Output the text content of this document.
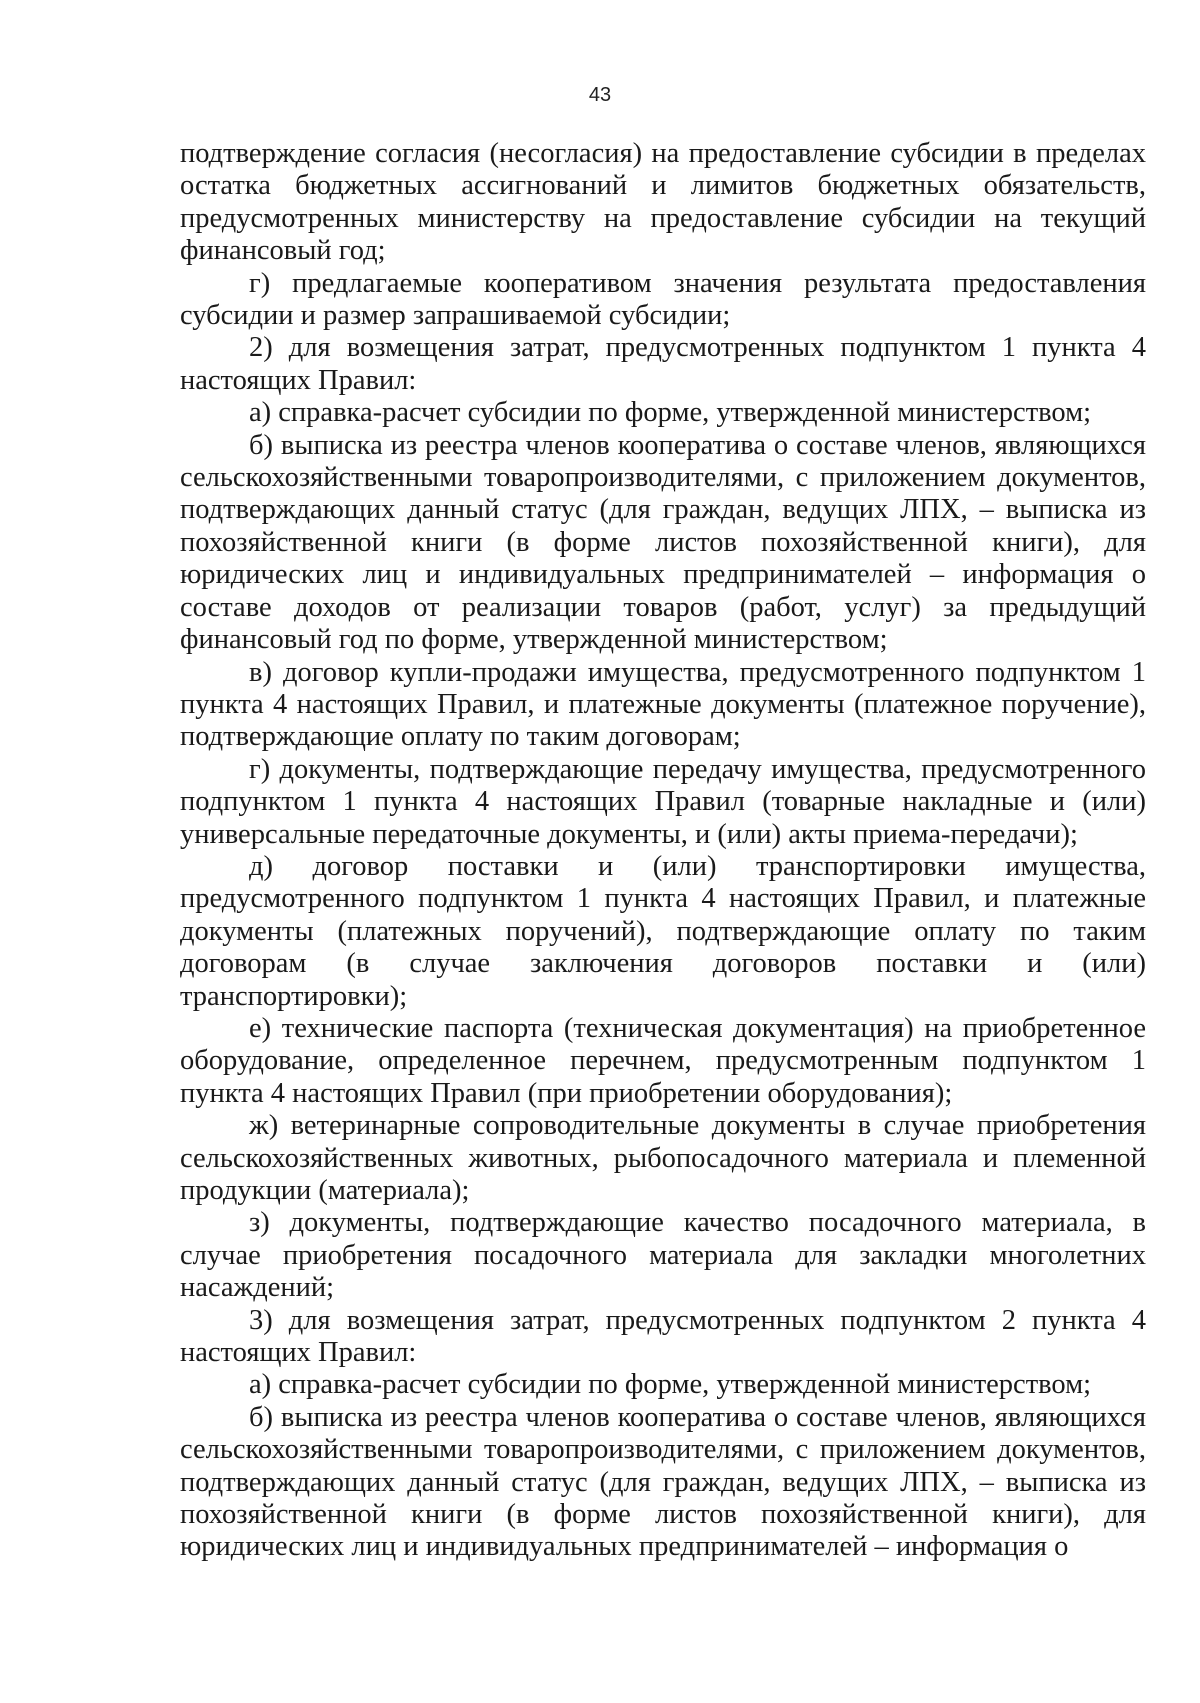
43

подтверждение согласия (несогласия) на предоставление субсидии в пределах остатка бюджетных ассигнований и лимитов бюджетных обязательств, предусмотренных министерству на предоставление субсидии на текущий финансовый год;

г) предлагаемые кооперативом значения результата предоставления субсидии и размер запрашиваемой субсидии;

2) для возмещения затрат, предусмотренных подпунктом 1 пункта 4 настоящих Правил:

а) справка-расчет субсидии по форме, утвержденной министерством;

б) выписка из реестра членов кооператива о составе членов, являющихся сельскохозяйственными товаропроизводителями, с приложением документов, подтверждающих данный статус (для граждан, ведущих ЛПХ, – выписка из похозяйственной книги (в форме листов похозяйственной книги), для юридических лиц и индивидуальных предпринимателей – информация о составе доходов от реализации товаров (работ, услуг) за предыдущий финансовый год по форме, утвержденной министерством;

в) договор купли-продажи имущества, предусмотренного подпунктом 1 пункта 4 настоящих Правил, и платежные документы (платежное поручение), подтверждающие оплату по таким договорам;

г) документы, подтверждающие передачу имущества, предусмотренного подпунктом 1 пункта 4 настоящих Правил (товарные накладные и (или) универсальные передаточные документы, и (или) акты приема-передачи);

д) договор поставки и (или) транспортировки имущества, предусмотренного подпунктом 1 пункта 4 настоящих Правил, и платежные документы (платежных поручений), подтверждающие оплату по таким договорам (в случае заключения договоров поставки и (или) транспортировки);

е) технические паспорта (техническая документация) на приобретенное оборудование, определенное перечнем, предусмотренным подпунктом 1 пункта 4 настоящих Правил (при приобретении оборудования);

ж) ветеринарные сопроводительные документы в случае приобретения сельскохозяйственных животных, рыбопосадочного материала и племенной продукции (материала);

з) документы, подтверждающие качество посадочного материала, в случае приобретения посадочного материала для закладки многолетних насаждений;

3) для возмещения затрат, предусмотренных подпунктом 2 пункта 4 настоящих Правил:

а) справка-расчет субсидии по форме, утвержденной министерством;

б) выписка из реестра членов кооператива о составе членов, являющихся сельскохозяйственными товаропроизводителями, с приложением документов, подтверждающих данный статус (для граждан, ведущих ЛПХ, – выписка из похозяйственной книги (в форме листов похозяйственной книги), для юридических лиц и индивидуальных предпринимателей – информация о
